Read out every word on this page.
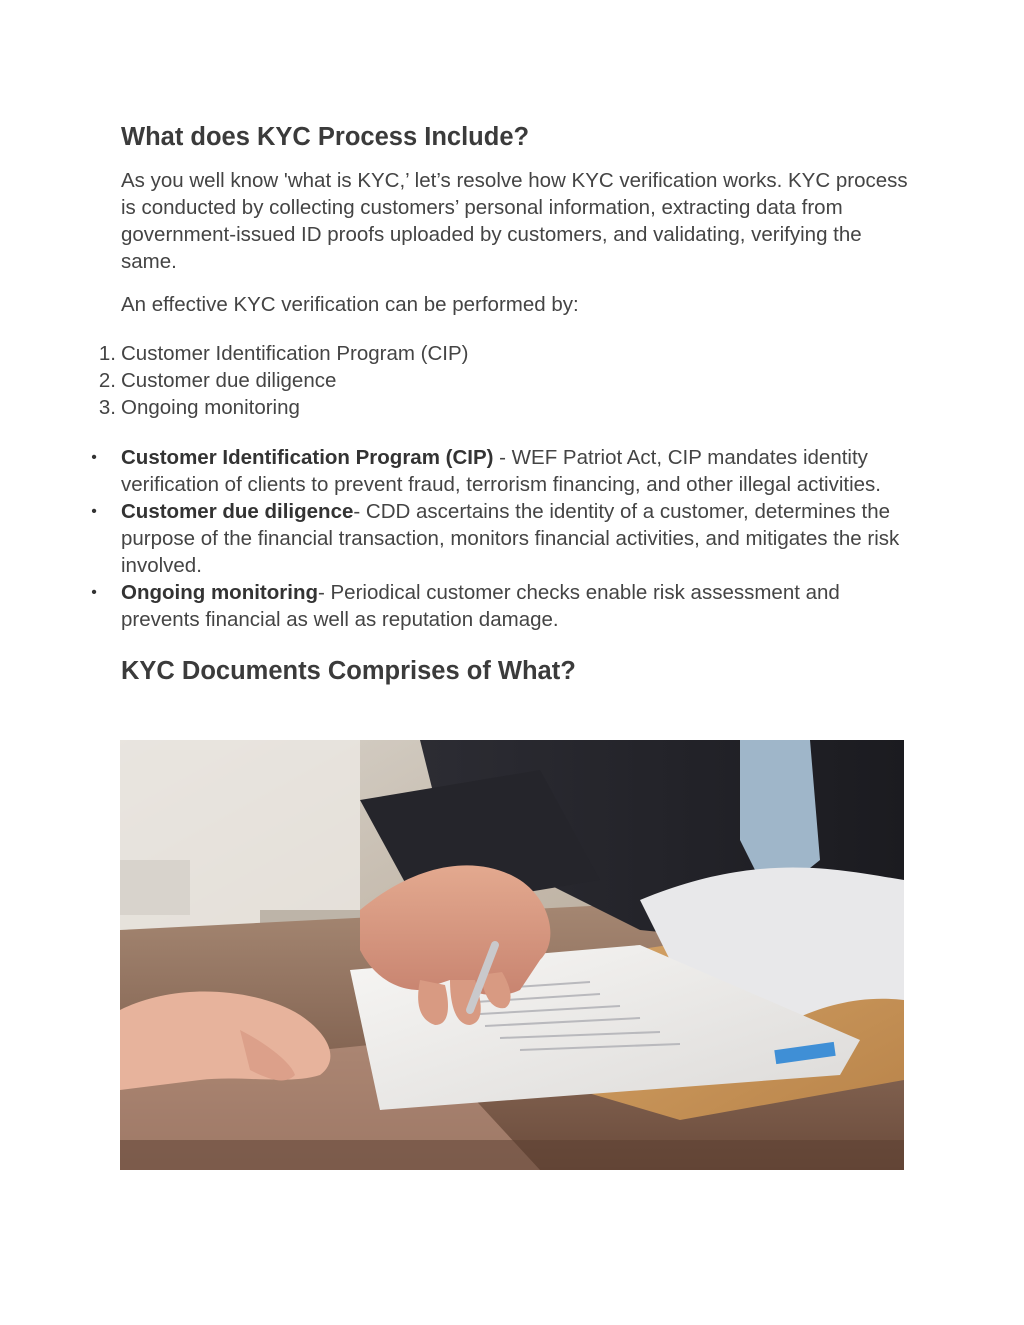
What does KYC Process Include?

As you well know 'what is KYC,’ let’s resolve how KYC verification works. KYC process is conducted by collecting customers’ personal information, extracting data from government-issued ID proofs uploaded by customers, and validating, verifying the same.

An effective KYC verification can be performed by:

1. Customer Identification Program (CIP)
2. Customer due diligence
3. Ongoing monitoring
• Customer Identification Program (CIP) - WEF Patriot Act, CIP mandates identity verification of clients to prevent fraud, terrorism financing, and other illegal activities.
• Customer due diligence- CDD ascertains the identity of a customer, determines the purpose of the financial transaction, monitors financial activities, and mitigates the risk involved.
• Ongoing monitoring- Periodical customer checks enable risk assessment and prevents financial as well as reputation damage.
KYC Documents Comprises of What?
